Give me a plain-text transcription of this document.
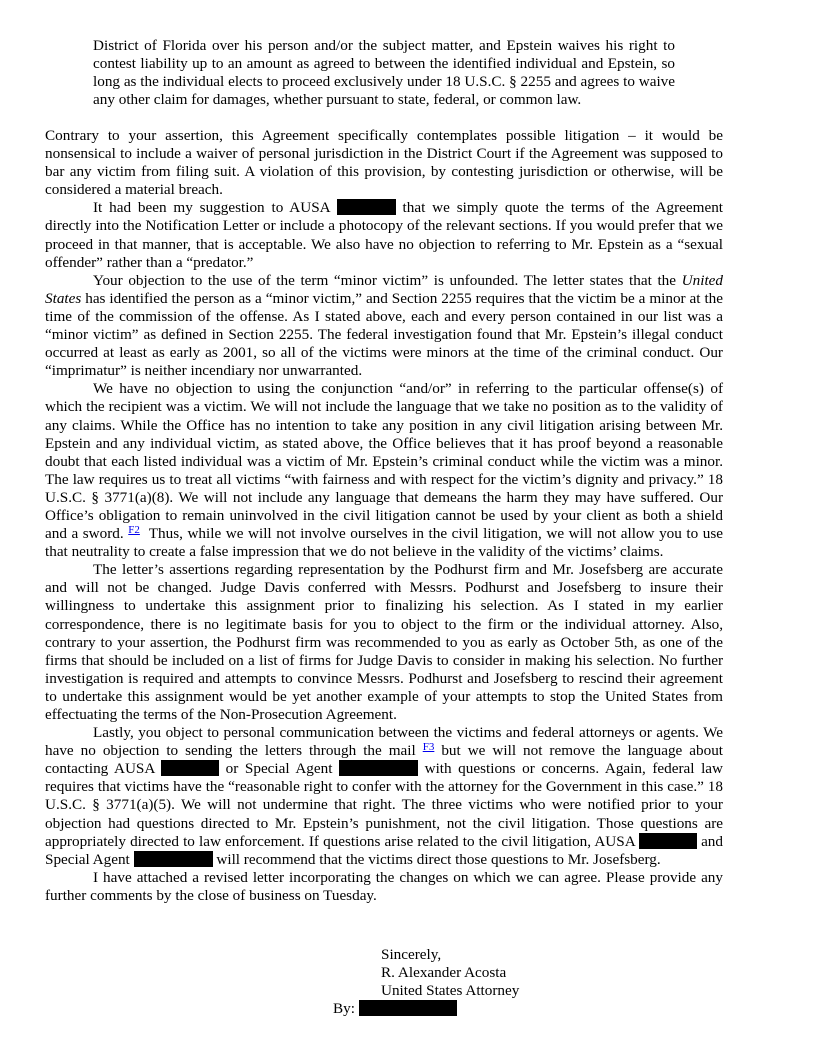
District of Florida over his person and/or the subject matter, and Epstein waives his right to contest liability up to an amount as agreed to between the identified individual and Epstein, so long as the individual elects to proceed exclusively under 18 U.S.C. § 2255 and agrees to waive any other claim for damages, whether pursuant to state, federal, or common law.

Contrary to your assertion, this Agreement specifically contemplates possible litigation – it would be nonsensical to include a waiver of personal jurisdiction in the District Court if the Agreement was supposed to bar any victim from filing suit. A violation of this provision, by contesting jurisdiction or otherwise, will be considered a material breach.

It had been my suggestion to AUSA	that we simply quote the terms of the Agreement directly into the Notification Letter or include a photocopy of the relevant sections. If you would prefer that we proceed in that manner, that is acceptable. We also have no objection to referring to Mr. Epstein as a “sexual offender” rather than a “predator.”

Your objection to the use of the term “minor victim” is unfounded. The letter states that the United States has identified the person as a “minor victim,” and Section 2255 requires that the victim be a minor at the time of the commission of the offense. As I stated above, each and every person contained in our list was a “minor victim” as defined in Section 2255. The federal investigation found that Mr. Epstein’s illegal conduct occurred at least as early as 2001, so all of the victims were minors at the time of the criminal conduct. Our “imprimatur” is neither incendiary nor unwarranted.

We have no objection to using the conjunction “and/or” in referring to the particular offense(s) of which the recipient was a victim. We will not include the language that we take no position as to the validity of any claims. While the Office has no intention to take any position in any civil litigation arising between Mr. Epstein and any individual victim, as stated above, the Office believes that it has proof beyond a reasonable doubt that each listed individual was a victim of Mr. Epstein’s criminal conduct while the victim was a minor. The law requires us to treat all victims “with fairness and with respect for the victim’s dignity and privacy.” 18 U.S.C. § 3771(a)(8). We will not include any language that demeans the harm they may have suffered. Our Office’s obligation to remain uninvolved in the civil litigation cannot be used by your client as both a shield and a sword. $^{F2}$ Thus, while we will not involve ourselves in the civil litigation, we will not allow you to use that neutrality to create a false impression that we do not believe in the validity of the victims’ claims.

The letter’s assertions regarding representation by the Podhurst firm and Mr. Josefsberg are accurate and will not be changed. Judge Davis conferred with Messrs. Podhurst and Josefsberg to insure their willingness to undertake this assignment prior to finalizing his selection. As I stated in my earlier correspondence, there is no legitimate basis for you to object to the firm or the individual attorney. Also, contrary to your assertion, the Podhurst firm was recommended to you as early as October 5th, as one of the firms that should be included on a list of firms for Judge Davis to consider in making his selection. No further investigation is required and attempts to convince Messrs. Podhurst and Josefsberg to rescind their agreement to undertake this assignment would be yet another example of your attempts to stop the United States from effectuating the terms of the Non-Prosecution Agreement.

Lastly, you object to personal communication between the victims and federal attorneys or agents. We have no objection to sending the letters through the mail $^{F3}$ but we will not remove the language about contacting AUSA	or Special Agent	with questions or concerns. Again, federal law requires that victims have the “reasonable right to confer with the attorney for the Government in this case.” 18 U.S.C. § 3771(a)(5). We will not undermine that right. The three victims who were notified prior to your objection had questions directed to Mr. Epstein’s punishment, not the civil litigation. Those questions are appropriately directed to law enforcement. If questions arise related to the civil litigation, AUSA	and Special Agent	will recommend that the victims direct those questions to Mr. Josefsberg.

I have attached a revised letter incorporating the changes on which we can agree. Please provide any further comments by the close of business on Tuesday.

Sincerely,
R. Alexander Acosta
United States Attorney
By:
